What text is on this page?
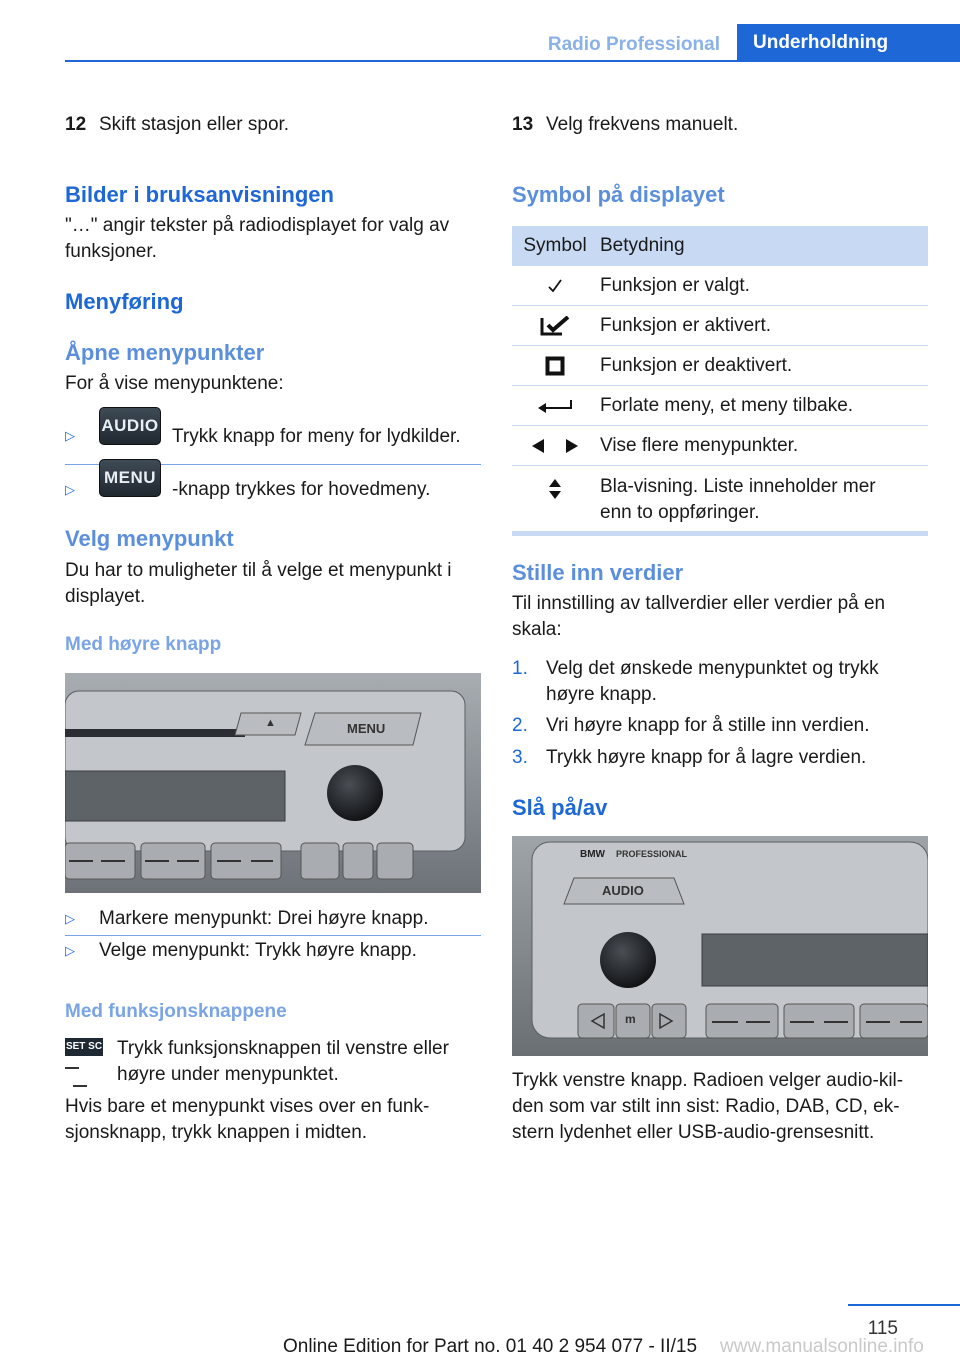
Radio Professional	Underholdning
12 Skift stasjon eller spor.
Bilder i bruksanvisningen
"…" angir tekster på radiodisplayet for valg av
funksjoner.
Menyføring
Åpne menypunkter
For å vise menypunktene:
▷
AUDIO
Trykk knapp for meny for lydkilder.
▷
MENU
-knapp trykkes for hovedmeny.
Velg menypunkt
Du har to muligheter til å velge et menypunkt i
displayet.
Med høyre knapp
▲	MENU
▷ Markere menypunkt: Drei høyre knapp.
▷ Velge menypunkt: Trykk høyre knapp.
Med funksjonsknappene
SET SC
Trykk funksjonsknappen til venstre eller
høyre under menypunktet.
Hvis bare et menypunkt vises over en funk-
sjonsknapp, trykk knappen i midten.
13 Velg frekvens manuelt.
Symbol på displayet
Symbol Betydning
Funksjon er valgt.
Funksjon er aktivert.
Funksjon er deaktivert.
Forlate meny, et meny tilbake.
Vise flere menypunkter.
Bla-visning. Liste inneholder mer
enn to oppføringer.
Stille inn verdier
Til innstilling av tallverdier eller verdier på en
skala:
1. Velg det ønskede menypunktet og trykk
høyre knapp.
2. Vri høyre knapp for å stille inn verdien.
3. Trykk høyre knapp for å lagre verdien.
Slå på/av
BMW PROFESSIONAL
AUDIO
m
Trykk venstre knapp. Radioen velger audio-kil-
den som var stilt inn sist: Radio, DAB, CD, ek-
stern lydenhet eller USB-audio-grensesnitt.
115
www.manualsonline.info
Online Edition for Part no. 01 40 2 954 077 - II/15
